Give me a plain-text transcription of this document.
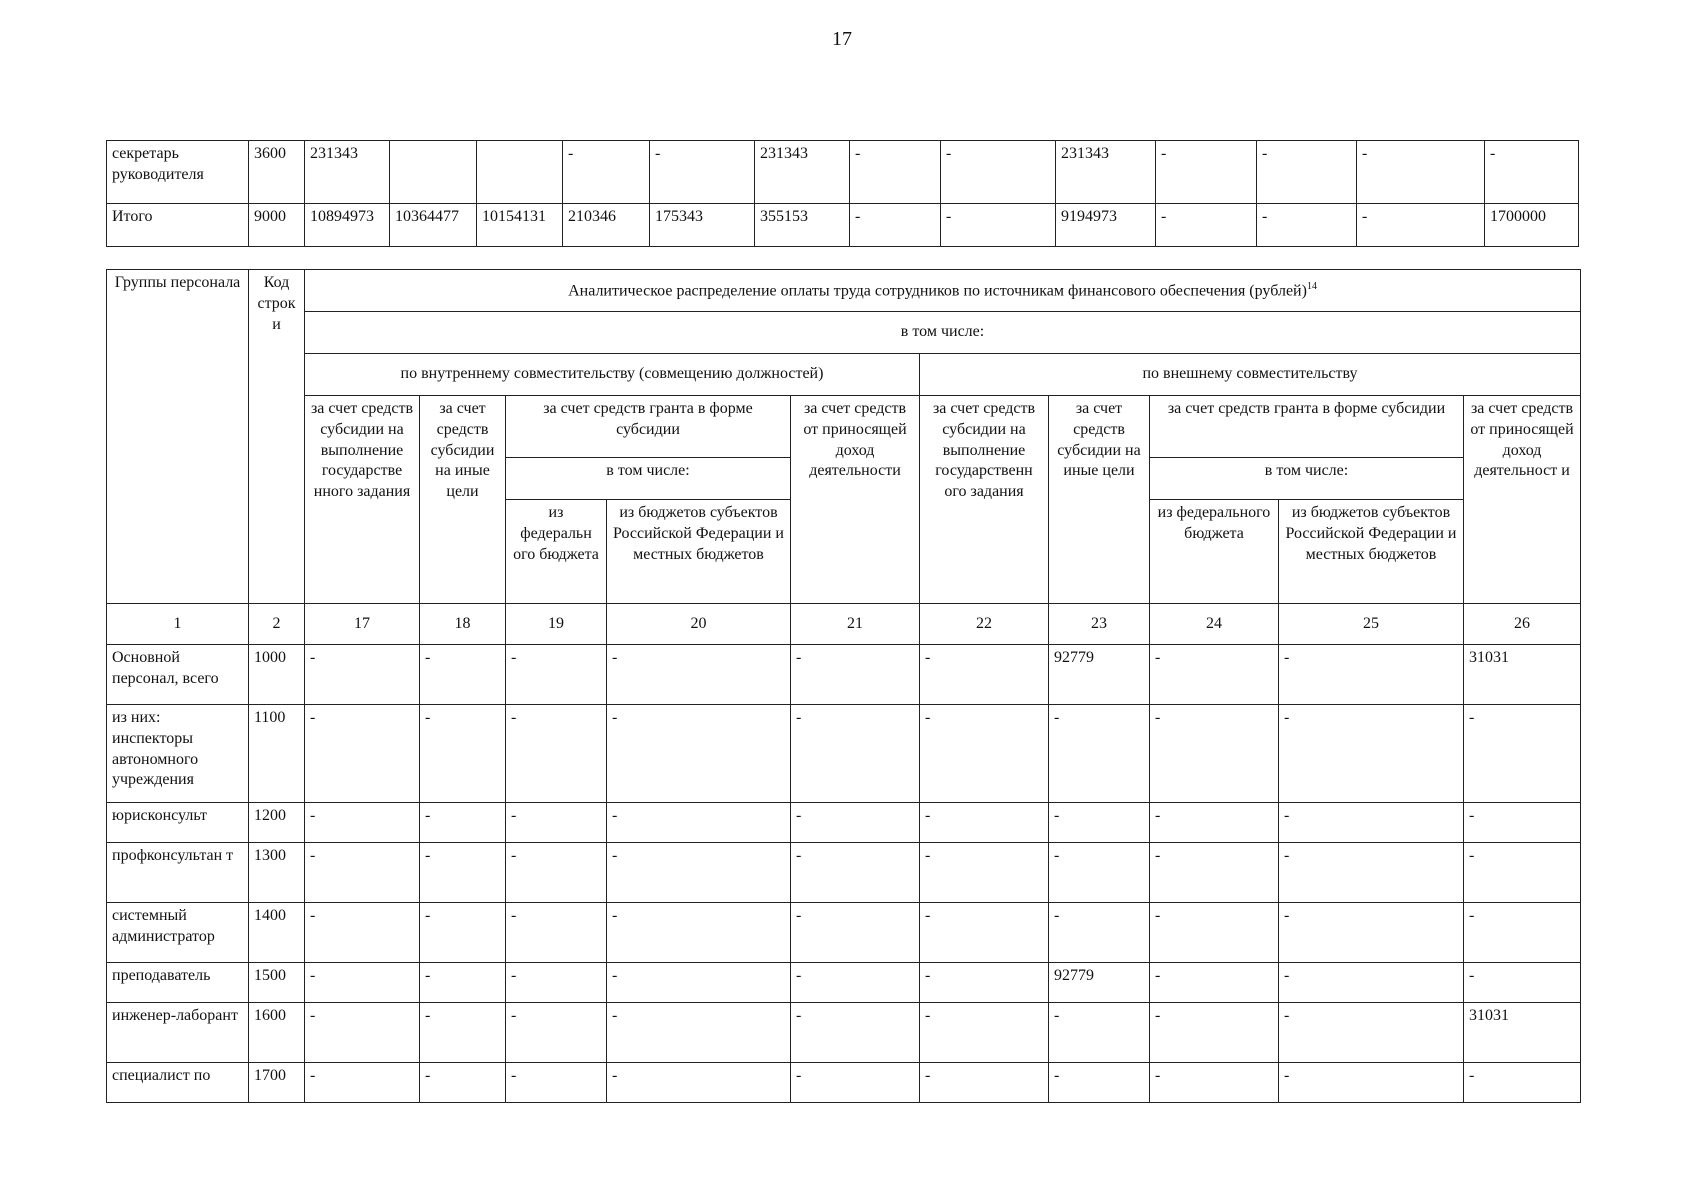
17
секретарь руководителя	3600	231343			-	-	231343	-	-	231343	-	-	-	-
Итого	9000	10894973	10364477	10154131	210346	175343	355153	-	-	9194973	-	-	-	1700000
Группы персонала	Код строк и	Аналитическое распределение оплаты труда сотрудников по источникам финансового обеспечения (рублей)$^{14}$
		в том числе:									
		по внутреннему совместительству (совмещению должностей)					по внешнему совместительству				
		за счет средств субсидии на выполнение государстве нного задания	за счет средств субсидии на иные цели	за счет средств гранта в форме субсидии		за счет средств от приносящей доход деятельности	за счет средств субсидии на выполнение государственн ого задания	за счет средств субсидии на иные цели	за счет средств гранта в форме субсидии		за счет средств от приносящей доход деятельност и
				в том числе:					в том числе:		
				из федеральн ого бюджета	из бюджетов субъектов Российской Федерации и местных бюджетов				из федерального бюджета	из бюджетов субъектов Российской Федерации и местных бюджетов	
1	2	17	18	19	20	21	22	23	24	25	26
Основной персонал, всего	1000	-	-	-	-	-	-	92779	-	-	31031
из них: инспекторы автономного учреждения	1100	-	-	-	-	-	-	-	-	-	-
юрисконсульт	1200	-	-	-	-	-	-	-	-	-	-
профконсультан т	1300	-	-	-	-	-	-	-	-	-	-
системный администратор	1400	-	-	-	-	-	-	-	-	-	-
преподаватель	1500	-	-	-	-	-	-	92779	-	-	-
инженер-лаборант	1600	-	-	-	-	-	-	-	-	-	31031
специалист по	1700	-	-	-	-	-	-	-	-	-	-
